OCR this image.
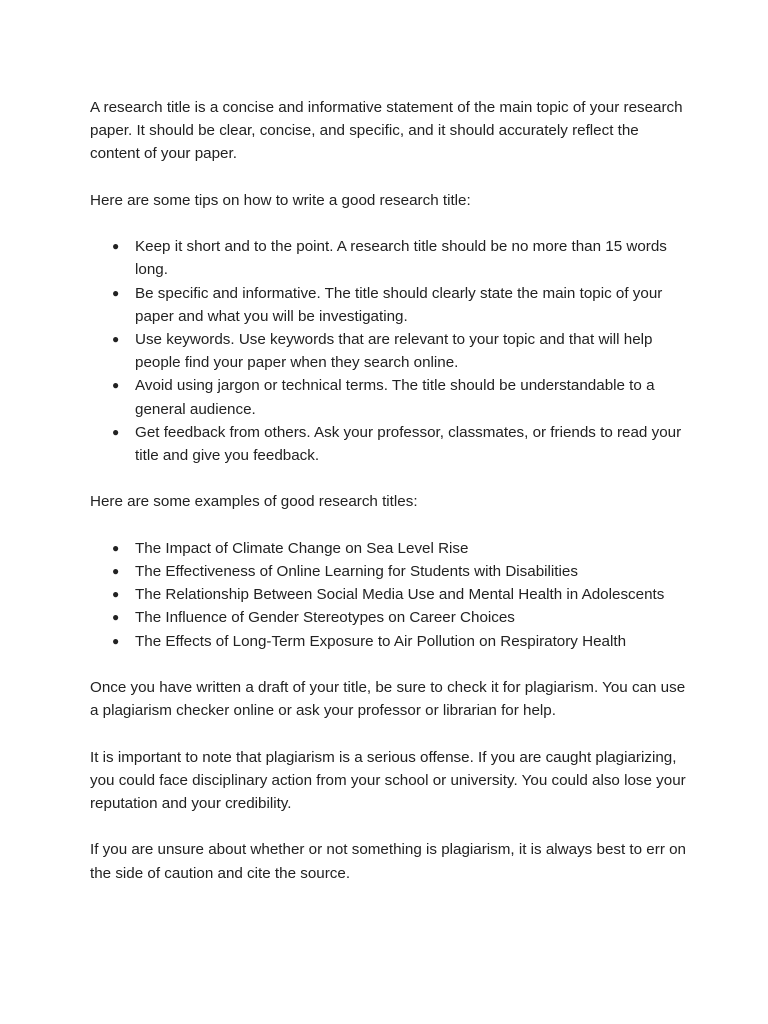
A research title is a concise and informative statement of the main topic of your research paper. It should be clear, concise, and specific, and it should accurately reflect the content of your paper.

Here are some tips on how to write a good research title:

● Keep it short and to the point. A research title should be no more than 15 words long.
● Be specific and informative. The title should clearly state the main topic of your paper and what you will be investigating.
● Use keywords. Use keywords that are relevant to your topic and that will help people find your paper when they search online.
● Avoid using jargon or technical terms. The title should be understandable to a general audience.
● Get feedback from others. Ask your professor, classmates, or friends to read your title and give you feedback.

Here are some examples of good research titles:

● The Impact of Climate Change on Sea Level Rise
● The Effectiveness of Online Learning for Students with Disabilities
● The Relationship Between Social Media Use and Mental Health in Adolescents
● The Influence of Gender Stereotypes on Career Choices
● The Effects of Long-Term Exposure to Air Pollution on Respiratory Health

Once you have written a draft of your title, be sure to check it for plagiarism. You can use a plagiarism checker online or ask your professor or librarian for help.

It is important to note that plagiarism is a serious offense. If you are caught plagiarizing, you could face disciplinary action from your school or university. You could also lose your reputation and your credibility.

If you are unsure about whether or not something is plagiarism, it is always best to err on the side of caution and cite the source.
